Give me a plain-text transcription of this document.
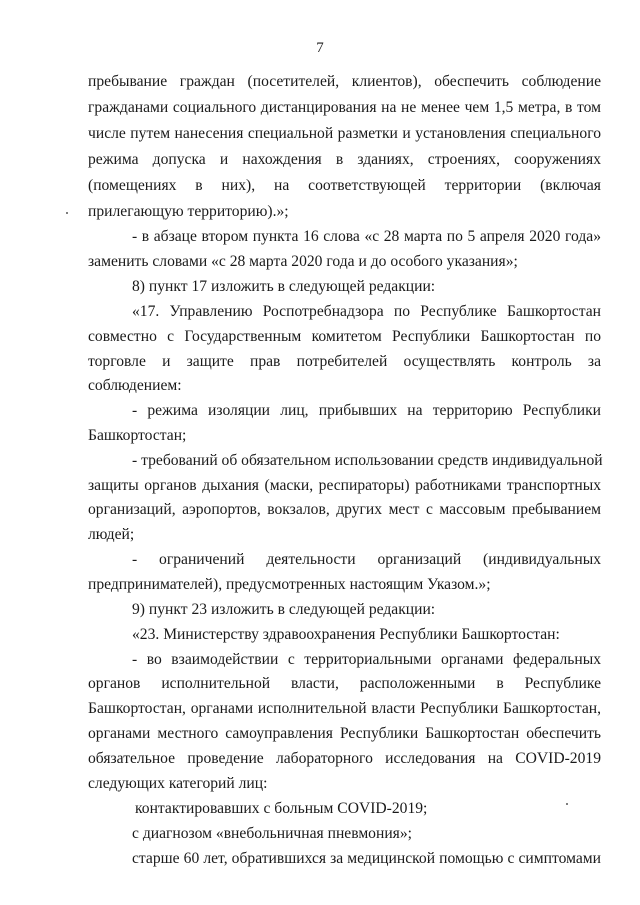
7
пребывание граждан (посетителей, клиентов), обеспечить соблюдение
гражданами социального дистанцирования на не менее чем 1,5 метра, в том
числе путем нанесения специальной разметки и установления специального
режима допуска и нахождения в зданиях, строениях, сооружениях
(помещениях в них), на соответствующей территории (включая
прилегающую территорию).»;
- в абзаце втором пункта 16 слова «с 28 марта по 5 апреля 2020 года»
заменить словами «с 28 марта 2020 года и до особого указания»;
8) пункт 17 изложить в следующей редакции:
«17. Управлению Роспотребнадзора по Республике Башкортостан
совместно с Государственным комитетом Республики Башкортостан по
торговле и защите прав потребителей осуществлять контроль за
соблюдением:
- режима изоляции лиц, прибывших на территорию Республики
Башкортостан;
- требований об обязательном использовании средств индивидуальной
защиты органов дыхания (маски, респираторы) работниками транспортных
организаций, аэропортов, вокзалов, других мест с массовым пребыванием
людей;
- ограничений деятельности организаций (индивидуальных
предпринимателей), предусмотренных настоящим Указом.»;
9) пункт 23 изложить в следующей редакции:
«23. Министерству здравоохранения Республики Башкортостан:
- во взаимодействии с территориальными органами федеральных
органов исполнительной власти, расположенными в Республике
Башкортостан, органами исполнительной власти Республики Башкортостан,
органами местного самоуправления Республики Башкортостан обеспечить
обязательное проведение лабораторного исследования на COVID-2019
следующих категорий лиц:
контактировавших с больным COVID-2019;
с диагнозом «внебольничная пневмония»;
старше 60 лет, обратившихся за медицинской помощью с симптомами
